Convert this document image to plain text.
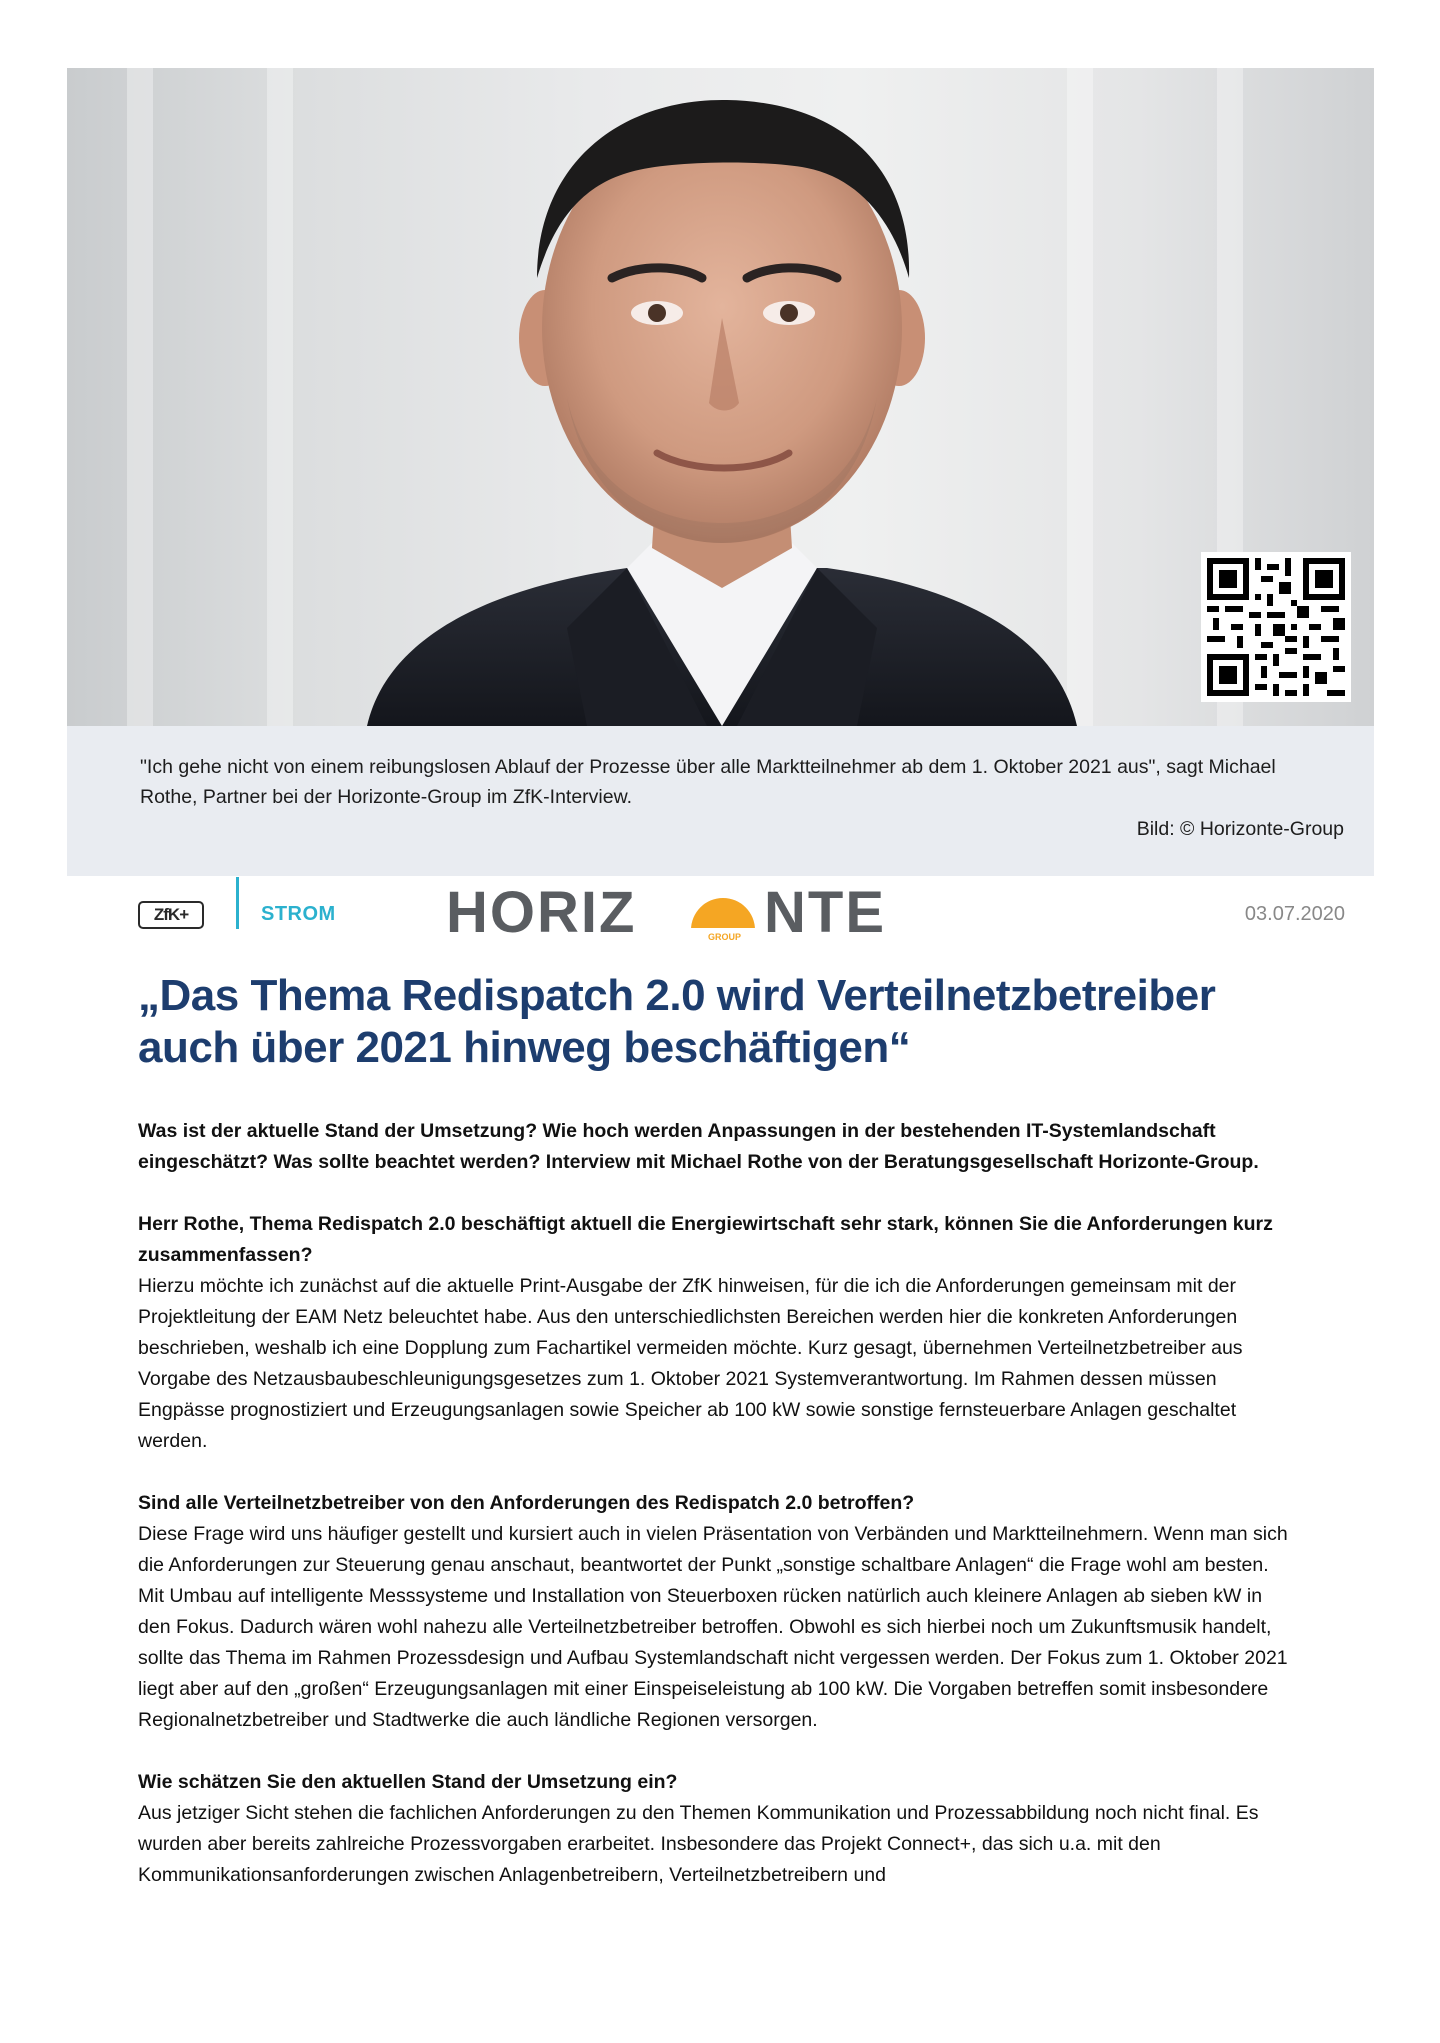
"Ich gehe nicht von einem reibungslosen Ablauf der Prozesse über alle Marktteilnehmer ab dem 1. Oktober 2021 aus", sagt Michael Rothe, Partner bei der Horizonte-Group im ZfK-Interview.
Bild: © Horizonte-Group
ZfK+	STROM HORIZ	GROUP NTE	03.07.2020
„Das Thema Redispatch 2.0 wird Verteilnetzbetreiber auch über 2021 hinweg beschäftigen“

Was ist der aktuelle Stand der Umsetzung? Wie hoch werden Anpassungen in der bestehenden IT-Systemlandschaft eingeschätzt? Was sollte beachtet werden? Interview mit Michael Rothe von der Beratungsgesellschaft Horizonte-Group.

Herr Rothe, Thema Redispatch 2.0 beschäftigt aktuell die Energiewirtschaft sehr stark, können Sie die Anforderungen kurz zusammenfassen?
Hierzu möchte ich zunächst auf die aktuelle Print-Ausgabe der ZfK hinweisen, für die ich die Anforderungen gemeinsam mit der Projektleitung der EAM Netz beleuchtet habe. Aus den unterschiedlichsten Bereichen werden hier die konkreten Anforderungen beschrieben, weshalb ich eine Dopplung zum Fachartikel vermeiden möchte. Kurz gesagt, übernehmen Verteilnetzbetreiber aus Vorgabe des Netzausbaubeschleunigungsgesetzes zum 1. Oktober 2021 Systemverantwortung. Im Rahmen dessen müssen Engpässe prognostiziert und Erzeugungsanlagen sowie Speicher ab 100 kW sowie sonstige fernsteuerbare Anlagen geschaltet werden.

Sind alle Verteilnetzbetreiber von den Anforderungen des Redispatch 2.0 betroffen?
Diese Frage wird uns häufiger gestellt und kursiert auch in vielen Präsentation von Verbänden und Marktteilnehmern. Wenn man sich die Anforderungen zur Steuerung genau anschaut, beantwortet der Punkt „sonstige schaltbare Anlagen“ die Frage wohl am besten. Mit Umbau auf intelligente Messsysteme und Installation von Steuerboxen rücken natürlich auch kleinere Anlagen ab sieben kW in den Fokus. Dadurch wären wohl nahezu alle Verteilnetzbetreiber betroffen. Obwohl es sich hierbei noch um Zukunftsmusik handelt, sollte das Thema im Rahmen Prozessdesign und Aufbau Systemlandschaft nicht vergessen werden. Der Fokus zum 1. Oktober 2021 liegt aber auf den „großen“ Erzeugungsanlagen mit einer Einspeiseleistung ab 100 kW. Die Vorgaben betreffen somit insbesondere Regionalnetzbetreiber und Stadtwerke die auch ländliche Regionen versorgen.

Wie schätzen Sie den aktuellen Stand der Umsetzung ein?
Aus jetziger Sicht stehen die fachlichen Anforderungen zu den Themen Kommunikation und Prozessabbildung noch nicht final. Es wurden aber bereits zahlreiche Prozessvorgaben erarbeitet. Insbesondere das Projekt Connect+, das sich u.a. mit den Kommunikationsanforderungen zwischen Anlagenbetreibern, Verteilnetzbetreibern und
